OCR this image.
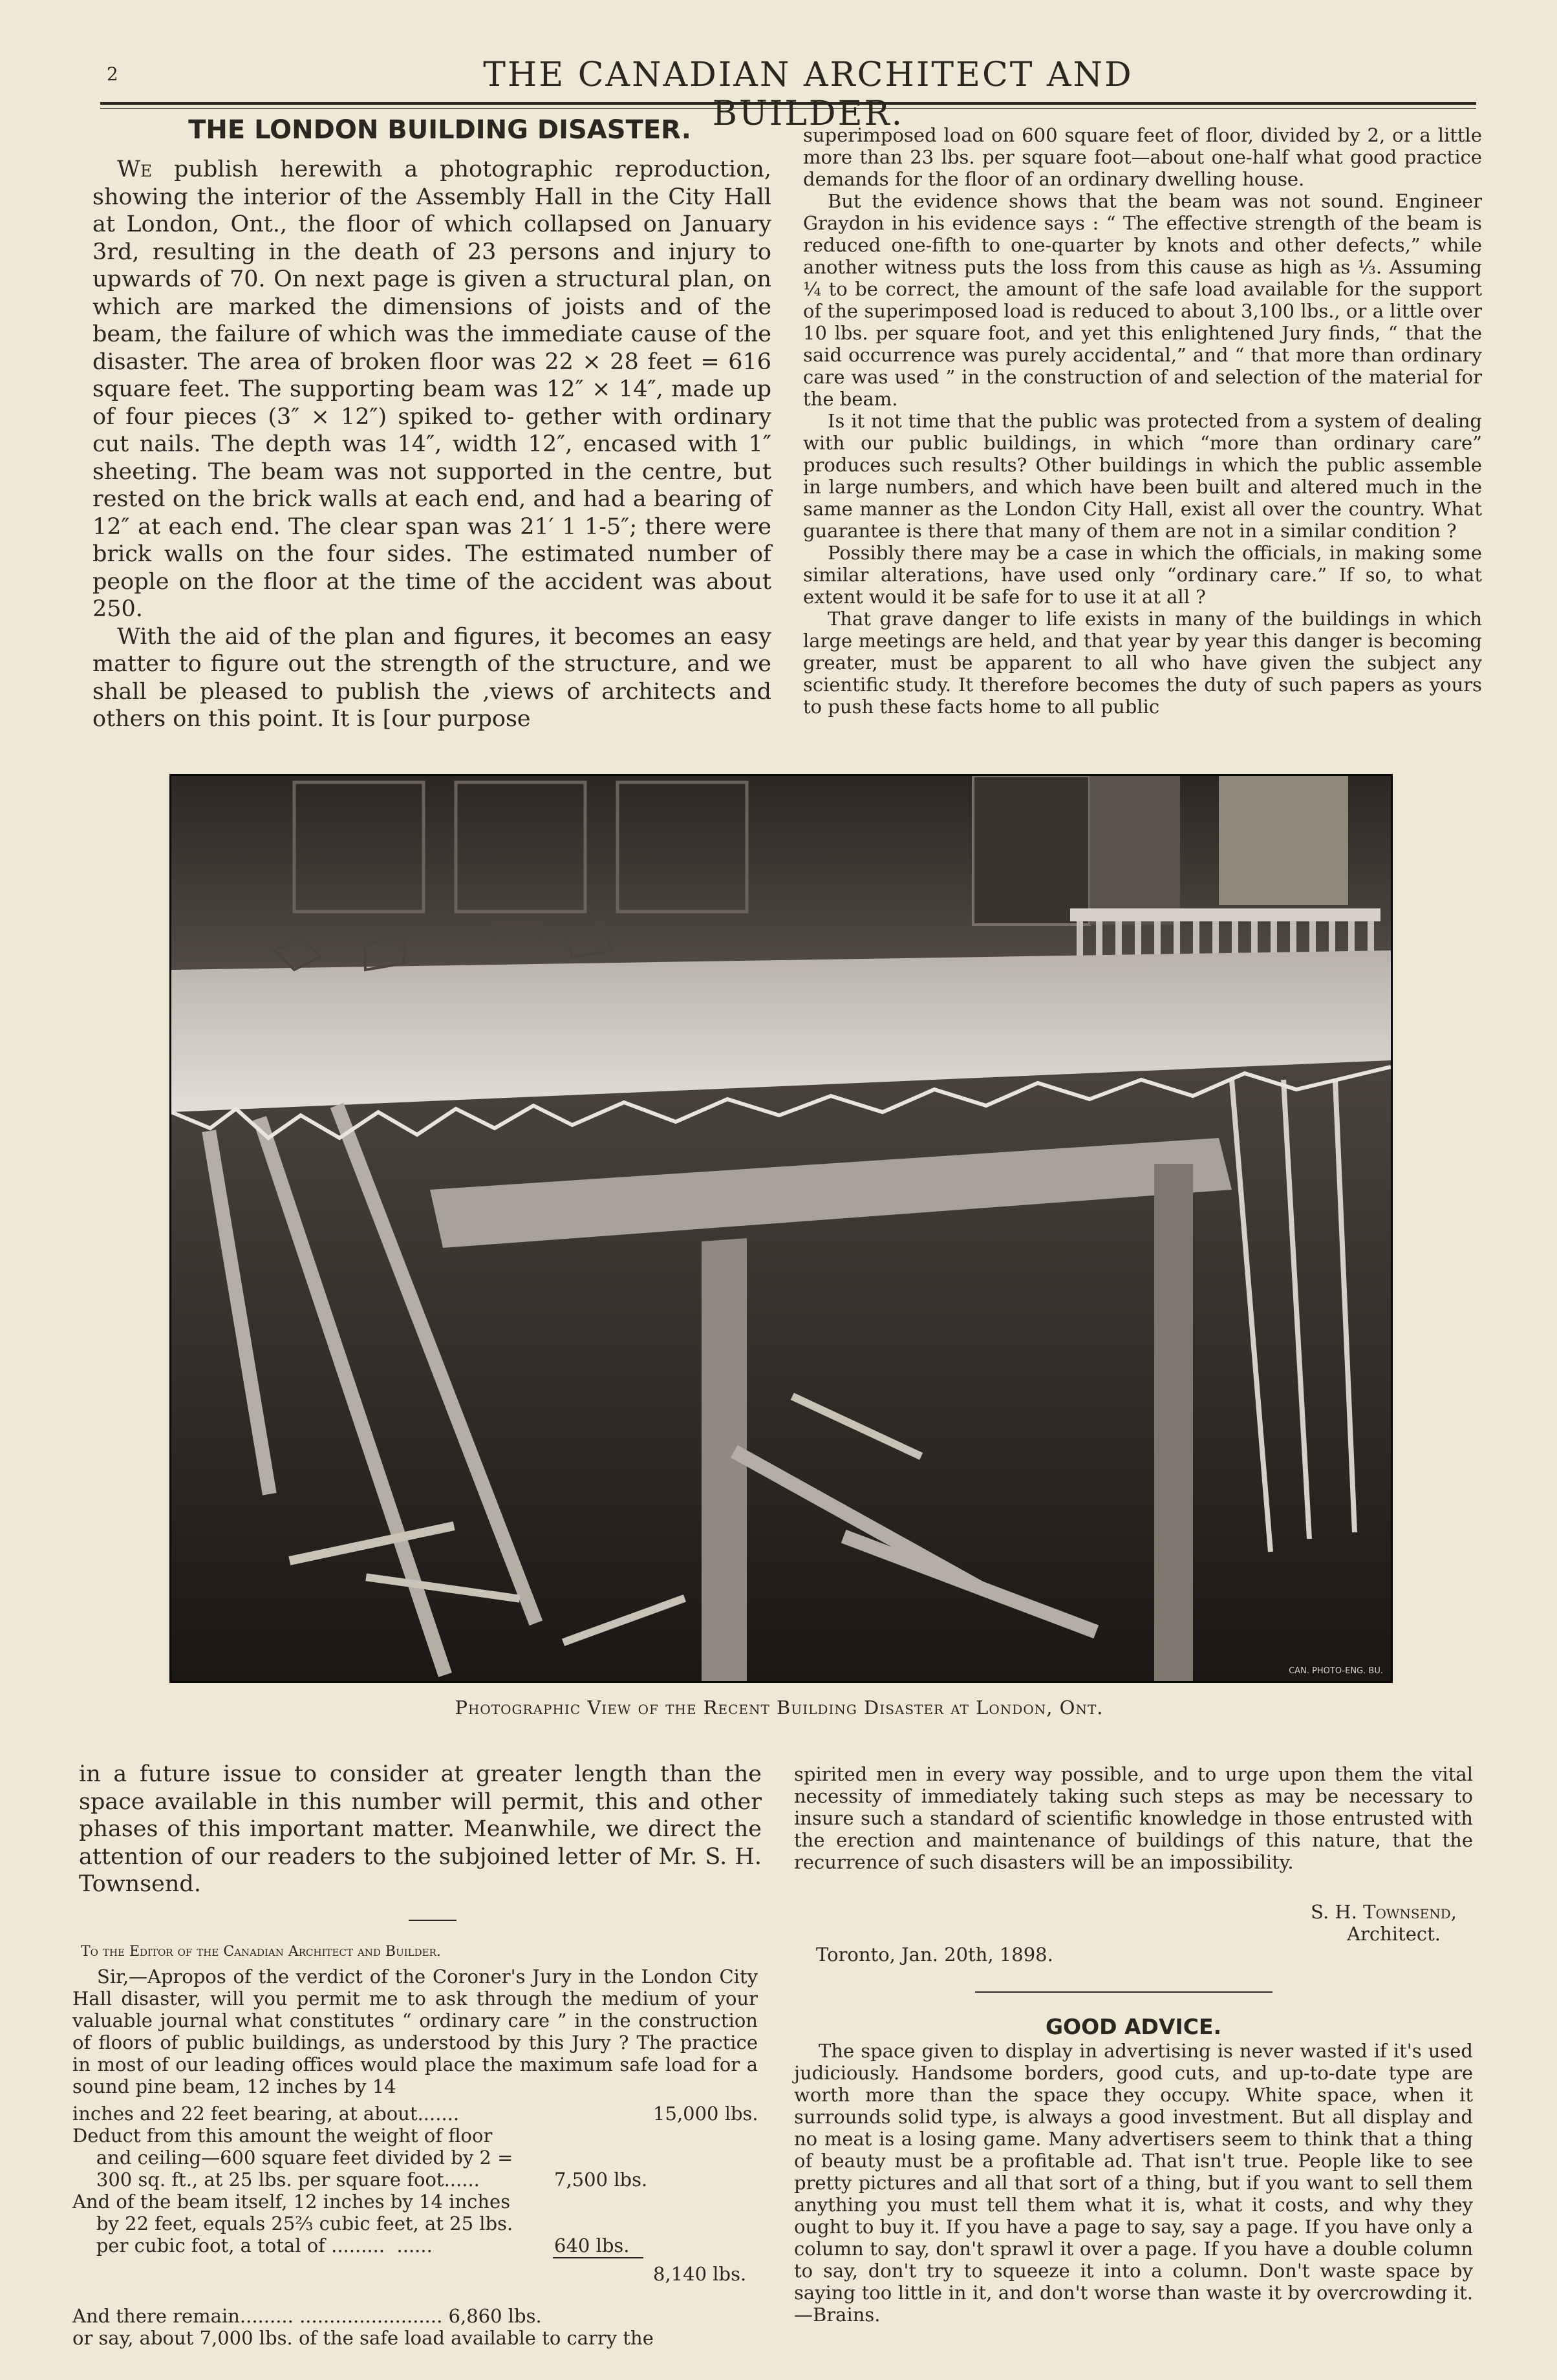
2	THE CANADIAN ARCHITECT AND BUILDER.
THE LONDON BUILDING DISASTER.

We publish herewith a photographic reproduction, showing the interior of the Assembly Hall in the City Hall at London, Ont., the floor of which collapsed on January 3rd, resulting in the death of 23 persons and injury to upwards of 70. On next page is given a structural plan, on which are marked the dimensions of joists and of the beam, the failure of which was the immediate cause of the disaster. The area of broken floor was 22 × 28 feet = 616 square feet. The supporting beam was 12″ × 14″, made up of four pieces (3″ × 12″) spiked to- gether with ordinary cut nails. The depth was 14″, width 12″, encased with 1″ sheeting. The beam was not supported in the centre, but rested on the brick walls at each end, and had a bearing of 12″ at each end. The clear span was 21′ 1 1-5″; there were brick walls on the four sides. The estimated number of people on the floor at the time of the accident was about 250.

With the aid of the plan and figures, it becomes an easy matter to figure out the strength of the structure, and we shall be pleased to publish the ,views of architects and others on this point. It is [our purpose

superimposed load on 600 square feet of floor, divided by 2, or a little more than 23 lbs. per square foot—about one-half what good practice demands for the floor of an ordinary dwelling house.

But the evidence shows that the beam was not sound. Engineer Graydon in his evidence says : “ The effective strength of the beam is reduced one-fifth to one-quarter by knots and other defects,” while another witness puts the loss from this cause as high as ⅓. Assuming ¼ to be correct, the amount of the safe load available for the support of the superimposed load is reduced to about 3,100 lbs., or a little over 10 lbs. per square foot, and yet this enlightened Jury finds, “ that the said occurrence was purely accidental,” and “ that more than ordinary care was used ” in the construction of and selection of the material for the beam.

Is it not time that the public was protected from a system of dealing with our public buildings, in which “more than ordinary care” produces such results? Other buildings in which the public assemble in large numbers, and which have been built and altered much in the same manner as the London City Hall, exist all over the country. What guarantee is there that many of them are not in a similar condition ?

Possibly there may be a case in which the officials, in making some similar alterations, have used only “ordinary care.” If so, to what extent would it be safe for to use it at all ?

That grave danger to life exists in many of the buildings in which large meetings are held, and that year by year this danger is becoming greater, must be apparent to all who have given the subject any scientific study. It therefore becomes the duty of such papers as yours to push these facts home to all public

CAN. PHOTO-ENG. BU.
Photographic View of the Recent Building Disaster at London, Ont.

in a future issue to consider at greater length than the space available in this number will permit, this and other phases of this important matter. Meanwhile, we direct the attention of our readers to the subjoined letter of Mr. S. H. Townsend.

To the Editor of the Canadian Architect and Builder.

Sir,—Apropos of the verdict of the Coroner's Jury in the London City Hall disaster, will you permit me to ask through the medium of your valuable journal what constitutes “ ordinary care ” in the construction of floors of public buildings, as understood by this Jury ? The practice in most of our leading offices would place the maximum safe load for a sound pine beam, 12 inches by 14

inches and 22 feet bearing, at about.......	15,000 lbs.
Deduct from this amount the weight of floor
and ceiling—600 square feet divided by 2 =
300 sq. ft., at 25 lbs. per square foot......	7,500 lbs.
And of the beam itself, 12 inches by 14 inches
by 22 feet, equals 25⅔ cubic feet, at 25 lbs.
per cubic foot, a total of .........  ......	640 lbs.
8,140 lbs.
And there remain......... ........................ 6,860 lbs.
or say, about 7,000 lbs. of the safe load available to carry the

spirited men in every way possible, and to urge upon them the vital necessity of immediately taking such steps as may be necessary to insure such a standard of scientific knowledge in those entrusted with the erection and maintenance of buildings of this nature, that the recurrence of such disasters will be an impossibility.

S. H. Townsend,
Architect.
Toronto, Jan. 20th, 1898.
GOOD ADVICE.

The space given to display in advertising is never wasted if it's used judiciously. Handsome borders, good cuts, and up-to-date type are worth more than the space they occupy. White space, when it surrounds solid type, is always a good investment. But all display and no meat is a losing game. Many advertisers seem to think that a thing of beauty must be a profitable ad. That isn't true. People like to see pretty pictures and all that sort of a thing, but if you want to sell them anything you must tell them what it is, what it costs, and why they ought to buy it. If you have a page to say, say a page. If you have only a column to say, don't sprawl it over a page. If you have a double column to say, don't try to squeeze it into a column. Don't waste space by saying too little in it, and don't worse than waste it by overcrowding it.—Brains.
